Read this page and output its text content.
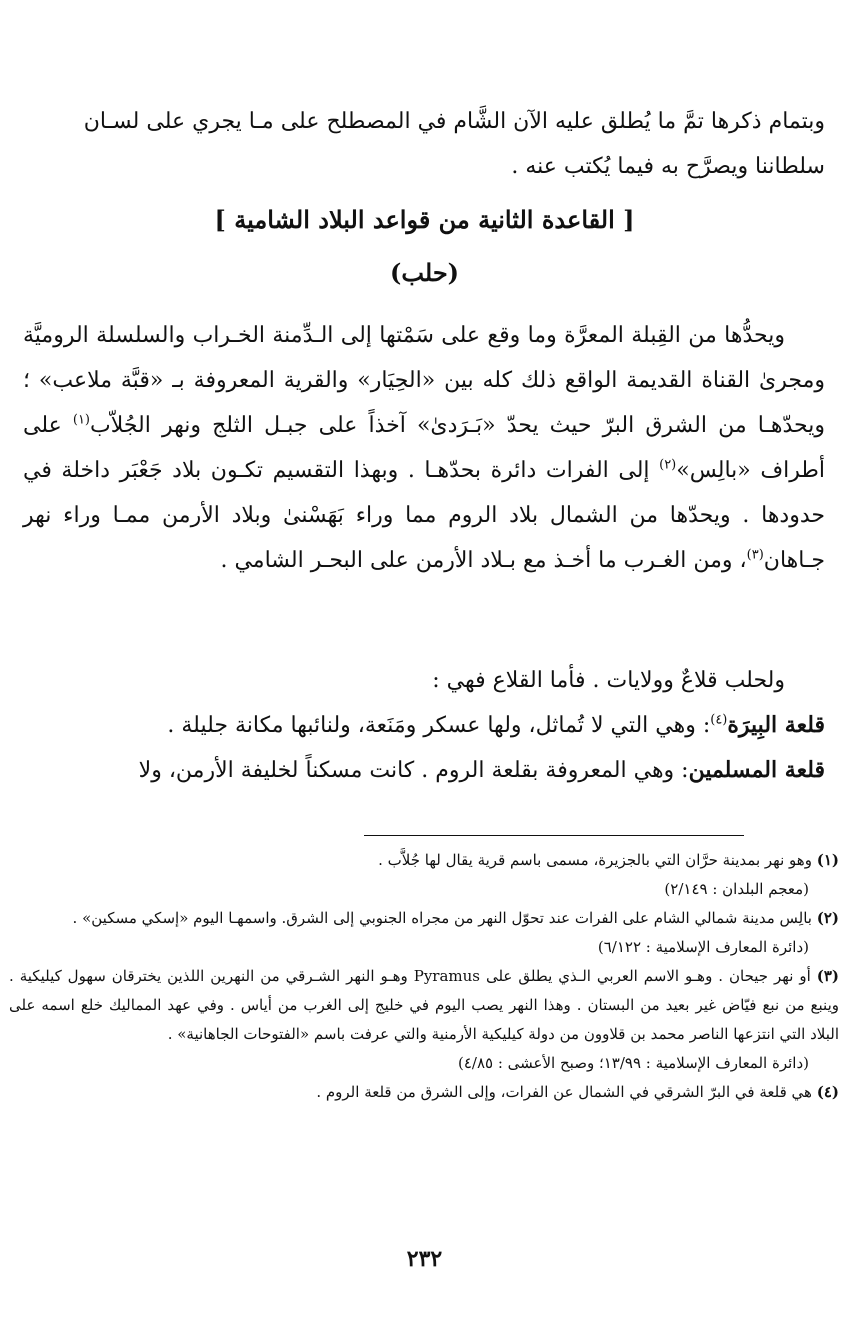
وبتمام ذكرها تمَّ ما يُطلق عليه الآن الشَّام في المصطلح على مـا يجري على لسـان

سلطاننا ويصرَّح به فيما يُكتب عنه .

[ القاعدة الثانية من قواعد البلاد الشامية ]
(حلب)

ويحدُّها من القِبلة المعرَّة وما وقع على سَمْتها إلى الـدِّمنة الخـراب والسلسلة الروميَّة ومجرىٰ القناة القديمة الواقع ذلك كله بين «الحِيَار» والقرية المعروفة بـ «قبَّة ملاعب» ؛ ويحدّهـا من الشرق البرّ حيث يحدّ «بَـرَدىٰ» آخذاً على جبـل الثلج ونهر الجُلاّب$^{(١)}$ على أطراف «بالِس»$^{(٢)}$ إلى الفرات دائرة بحدّهـا . وبهذا التقسيم تكـون بلاد جَعْبَر داخلة في حدودها . ويحدّها من الشمال بلاد الروم مما وراء بَهَسْنىٰ وبلاد الأرمن ممـا وراء نهر جـاهان$^{(٣)}$، ومن الغـرب ما أخـذ مع بـلاد الأرمن على البحـر الشامي .

ولحلب قلاعٌ وولايات . فأما القلاع فهي :

قلعة البِيرَة$^{(٤)}$: وهي التي لا تُماثل، ولها عسكر ومَنَعة، ولنائبها مكانة جليلة .

قلعة المسلمين: وهي المعروفة بقلعة الروم . كانت مسكناً لخليفة الأرمن، ولا

(١) وهو نهر بمدينة حرَّان التي بالجزيرة، مسمى باسم قرية يقال لها جُلاَّب .

(معجم البلدان : ٢/١٤٩)

(٢) بالِس مدينة شمالي الشام على الفرات عند تحوّل النهر من مجراه الجنوبي إلى الشرق. واسمهـا اليوم «إسكي مسكين» .

(دائرة المعارف الإسلامية : ٦/١٢٢)

(٣) أو نهر جيحان . وهـو الاسم العربي الـذي يطلق على Pyramus وهـو النهر الشـرقي من النهرين اللذين يخترقان سهول كيليكية . وينبع من نبع فيّاض غير بعيد من البستان . وهذا النهر يصب اليوم في خليج إلى الغرب من أياس . وفي عهد المماليك خلع اسمه على البلاد التي انتزعها الناصر محمد بن قلاوون من دولة كيليكية الأرمنية والتي عرفت باسم «الفتوحات الجاهانية» .

(دائرة المعارف الإسلامية : ١٣/٩٩؛ وصبح الأعشى : ٤/٨٥)

(٤) هي قلعة في البرّ الشرقي في الشمال عن الفرات، وإلى الشرق من قلعة الروم .

٢٣٢
